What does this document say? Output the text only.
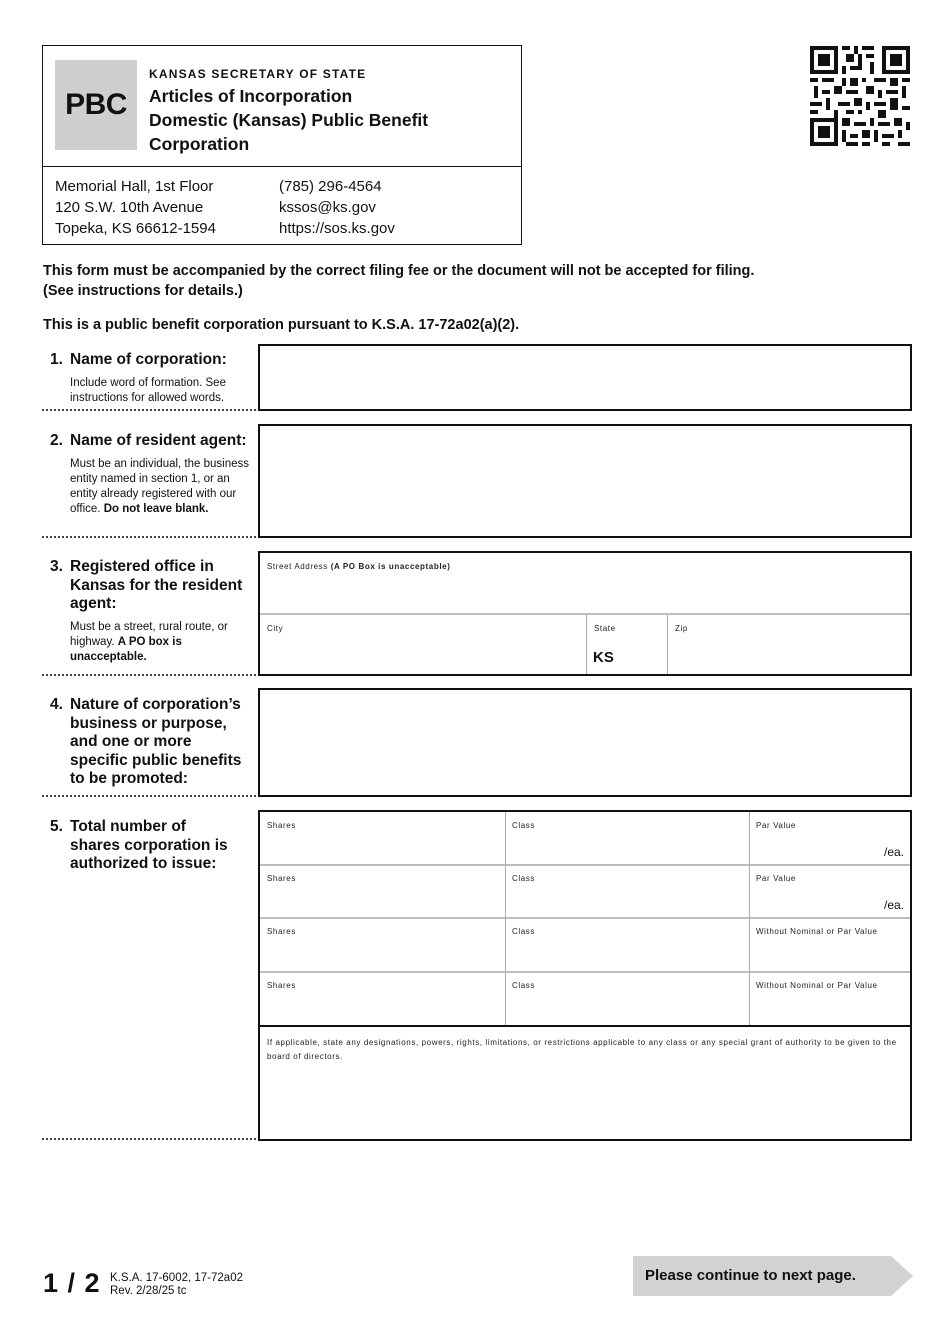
PBC
KANSAS SECRETARY OF STATE
Articles of Incorporation
Domestic (Kansas) Public Benefit
Corporation
Memorial Hall, 1st Floor
120 S.W. 10th Avenue
Topeka, KS 66612-1594
(785) 296-4564
kssos@ks.gov
https://sos.ks.gov
This form must be accompanied by the correct filing fee or the document will not be accepted for filing.
(See instructions for details.)
This is a public benefit corporation pursuant to K.S.A. 17-72a02(a)(2).
1. Name of corporation:
Include word of formation. See instructions for allowed words.
2. Name of resident agent:
Must be an individual, the business entity named in section 1, or an entity already registered with our office. Do not leave blank.
3. Registered office in
Kansas for the resident
agent:
Must be a street, rural route, or highway. A PO box is unacceptable.
Street Address (A PO Box is unacceptable)
City	State
KS
Zip
4. Nature of corporation’s
business or purpose,
and one or more
specific public benefits
to be promoted:
5. Total number of
shares corporation is
authorized to issue:
Shares	Class	Par Value
/ea.
Shares	Class	Par Value
/ea.
Shares	Class	Without Nominal or Par Value
Shares	Class	Without Nominal or Par Value
If applicable, state any designations, powers, rights, limitations, or restrictions applicable to any class or any special grant of authority to be given to the board of directors.
1 / 2 K.S.A. 17-6002, 17-72a02
Rev. 2/28/25 tc
Please continue to next page.
